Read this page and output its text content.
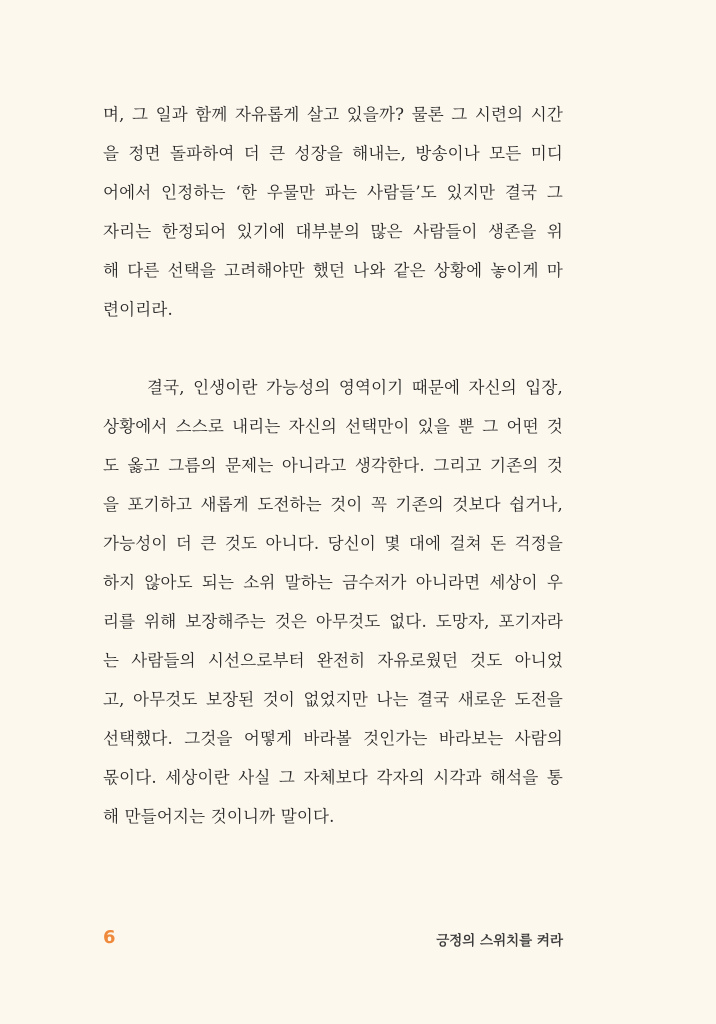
며, 그 일과 함께 자유롭게 살고 있을까? 물론 그 시련의 시간
을 정면 돌파하여 더 큰 성장을 해내는, 방송이나 모든 미디
어에서 인정하는 ‘한 우물만 파는 사람들’도 있지만 결국 그
자리는 한정되어 있기에 대부분의 많은 사람들이 생존을 위
해 다른 선택을 고려해야만 했던 나와 같은 상황에 놓이게 마
련이리라.
결국, 인생이란 가능성의 영역이기 때문에 자신의 입장,
상황에서 스스로 내리는 자신의 선택만이 있을 뿐 그 어떤 것
도 옳고 그름의 문제는 아니라고 생각한다. 그리고 기존의 것
을 포기하고 새롭게 도전하는 것이 꼭 기존의 것보다 쉽거나,
가능성이 더 큰 것도 아니다. 당신이 몇 대에 걸쳐 돈 걱정을
하지 않아도 되는 소위 말하는 금수저가 아니라면 세상이 우
리를 위해 보장해주는 것은 아무것도 없다. 도망자, 포기자라
는 사람들의 시선으로부터 완전히 자유로웠던 것도 아니었
고, 아무것도 보장된 것이 없었지만 나는 결국 새로운 도전을
선택했다. 그것을 어떻게 바라볼 것인가는 바라보는 사람의
몫이다. 세상이란 사실 그 자체보다 각자의 시각과 해석을 통
해 만들어지는 것이니까 말이다.
6	긍정의 스위치를 켜라
